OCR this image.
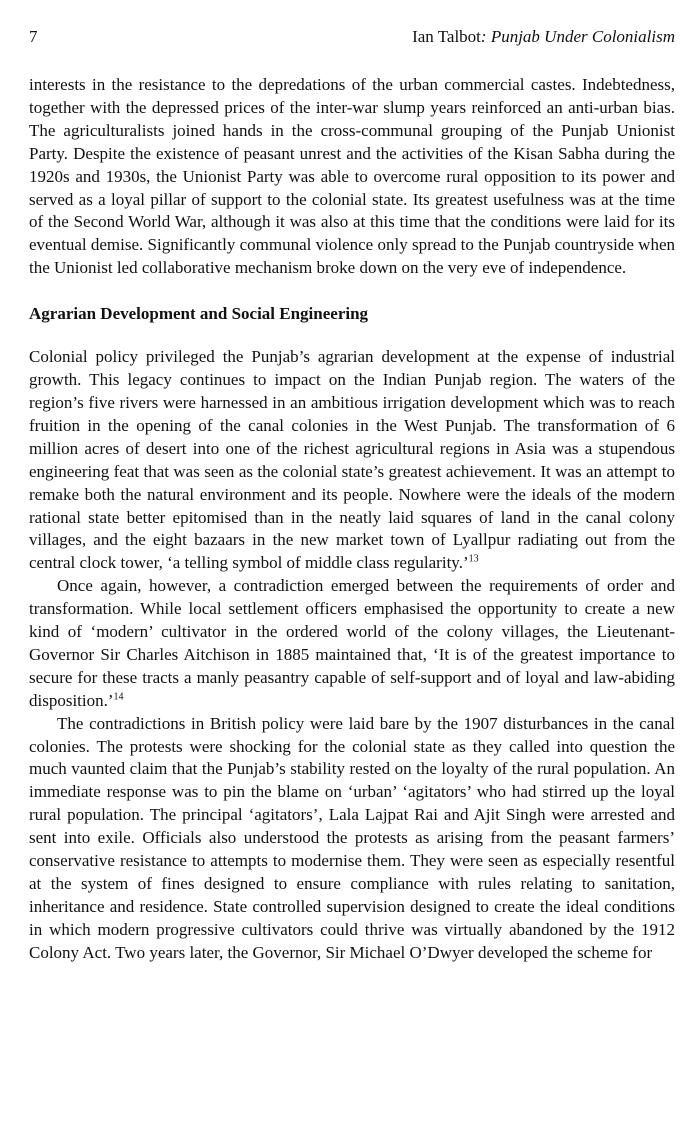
7	Ian Talbot: Punjab Under Colonialism

interests in the resistance to the depredations of the urban commercial castes. Indebtedness, together with the depressed prices of the inter-war slump years reinforced an anti-urban bias. The agriculturalists joined hands in the cross-communal grouping of the Punjab Unionist Party. Despite the existence of peasant unrest and the activities of the Kisan Sabha during the 1920s and 1930s, the Unionist Party was able to overcome rural opposition to its power and served as a loyal pillar of support to the colonial state. Its greatest usefulness was at the time of the Second World War, although it was also at this time that the conditions were laid for its eventual demise. Significantly communal violence only spread to the Punjab countryside when the Unionist led collaborative mechanism broke down on the very eve of independence.

Agrarian Development and Social Engineering

Colonial policy privileged the Punjab’s agrarian development at the expense of industrial growth. This legacy continues to impact on the Indian Punjab region. The waters of the region’s five rivers were harnessed in an ambitious irrigation development which was to reach fruition in the opening of the canal colonies in the West Punjab. The transformation of 6 million acres of desert into one of the richest agricultural regions in Asia was a stupendous engineering feat that was seen as the colonial state’s greatest achievement. It was an attempt to remake both the natural environment and its people. Nowhere were the ideals of the modern rational state better epitomised than in the neatly laid squares of land in the canal colony villages, and the eight bazaars in the new market town of Lyallpur radiating out from the central clock tower, ‘a telling symbol of middle class regularity.’$^{13}$

Once again, however, a contradiction emerged between the requirements of order and transformation. While local settlement officers emphasised the opportunity to create a new kind of ‘modern’ cultivator in the ordered world of the colony villages, the Lieutenant- Governor Sir Charles Aitchison in 1885 maintained that, ‘It is of the greatest importance to secure for these tracts a manly peasantry capable of self-support and of loyal and law-abiding disposition.’$^{14}$

The contradictions in British policy were laid bare by the 1907 disturbances in the canal colonies. The protests were shocking for the colonial state as they called into question the much vaunted claim that the Punjab’s stability rested on the loyalty of the rural population. An immediate response was to pin the blame on ‘urban’ ‘agitators’ who had stirred up the loyal rural population. The principal ‘agitators’, Lala Lajpat Rai and Ajit Singh were arrested and sent into exile. Officials also understood the protests as arising from the peasant farmers’ conservative resistance to attempts to modernise them. They were seen as especially resentful at the system of fines designed to ensure compliance with rules relating to sanitation, inheritance and residence. State controlled supervision designed to create the ideal conditions in which modern progressive cultivators could thrive was virtually abandoned by the 1912 Colony Act. Two years later, the Governor, Sir Michael O’Dwyer developed the scheme for
